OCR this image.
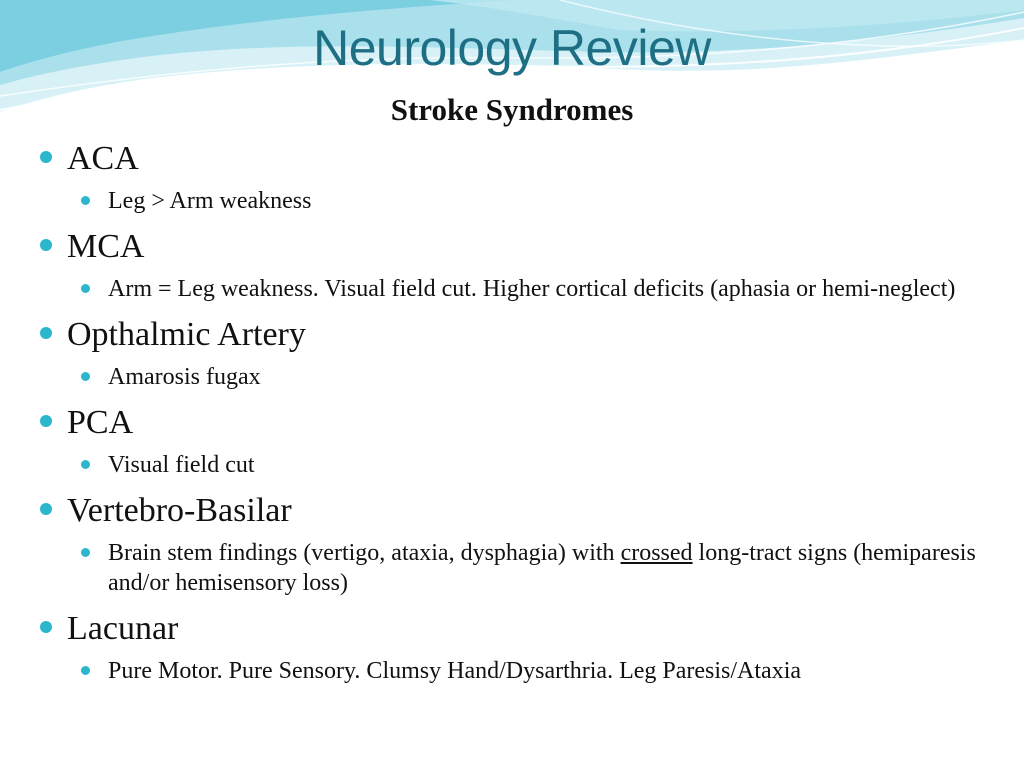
Neurology Review
Stroke Syndromes
ACA
Leg > Arm weakness
MCA
Arm = Leg weakness. Visual field cut. Higher cortical deficits (aphasia or hemi-neglect)
Opthalmic Artery
Amarosis fugax
PCA
Visual field cut
Vertebro-Basilar
Brain stem findings (vertigo, ataxia, dysphagia) with crossed long-tract signs (hemiparesis and/or hemisensory loss)
Lacunar
Pure Motor. Pure Sensory. Clumsy Hand/Dysarthria. Leg Paresis/Ataxia
